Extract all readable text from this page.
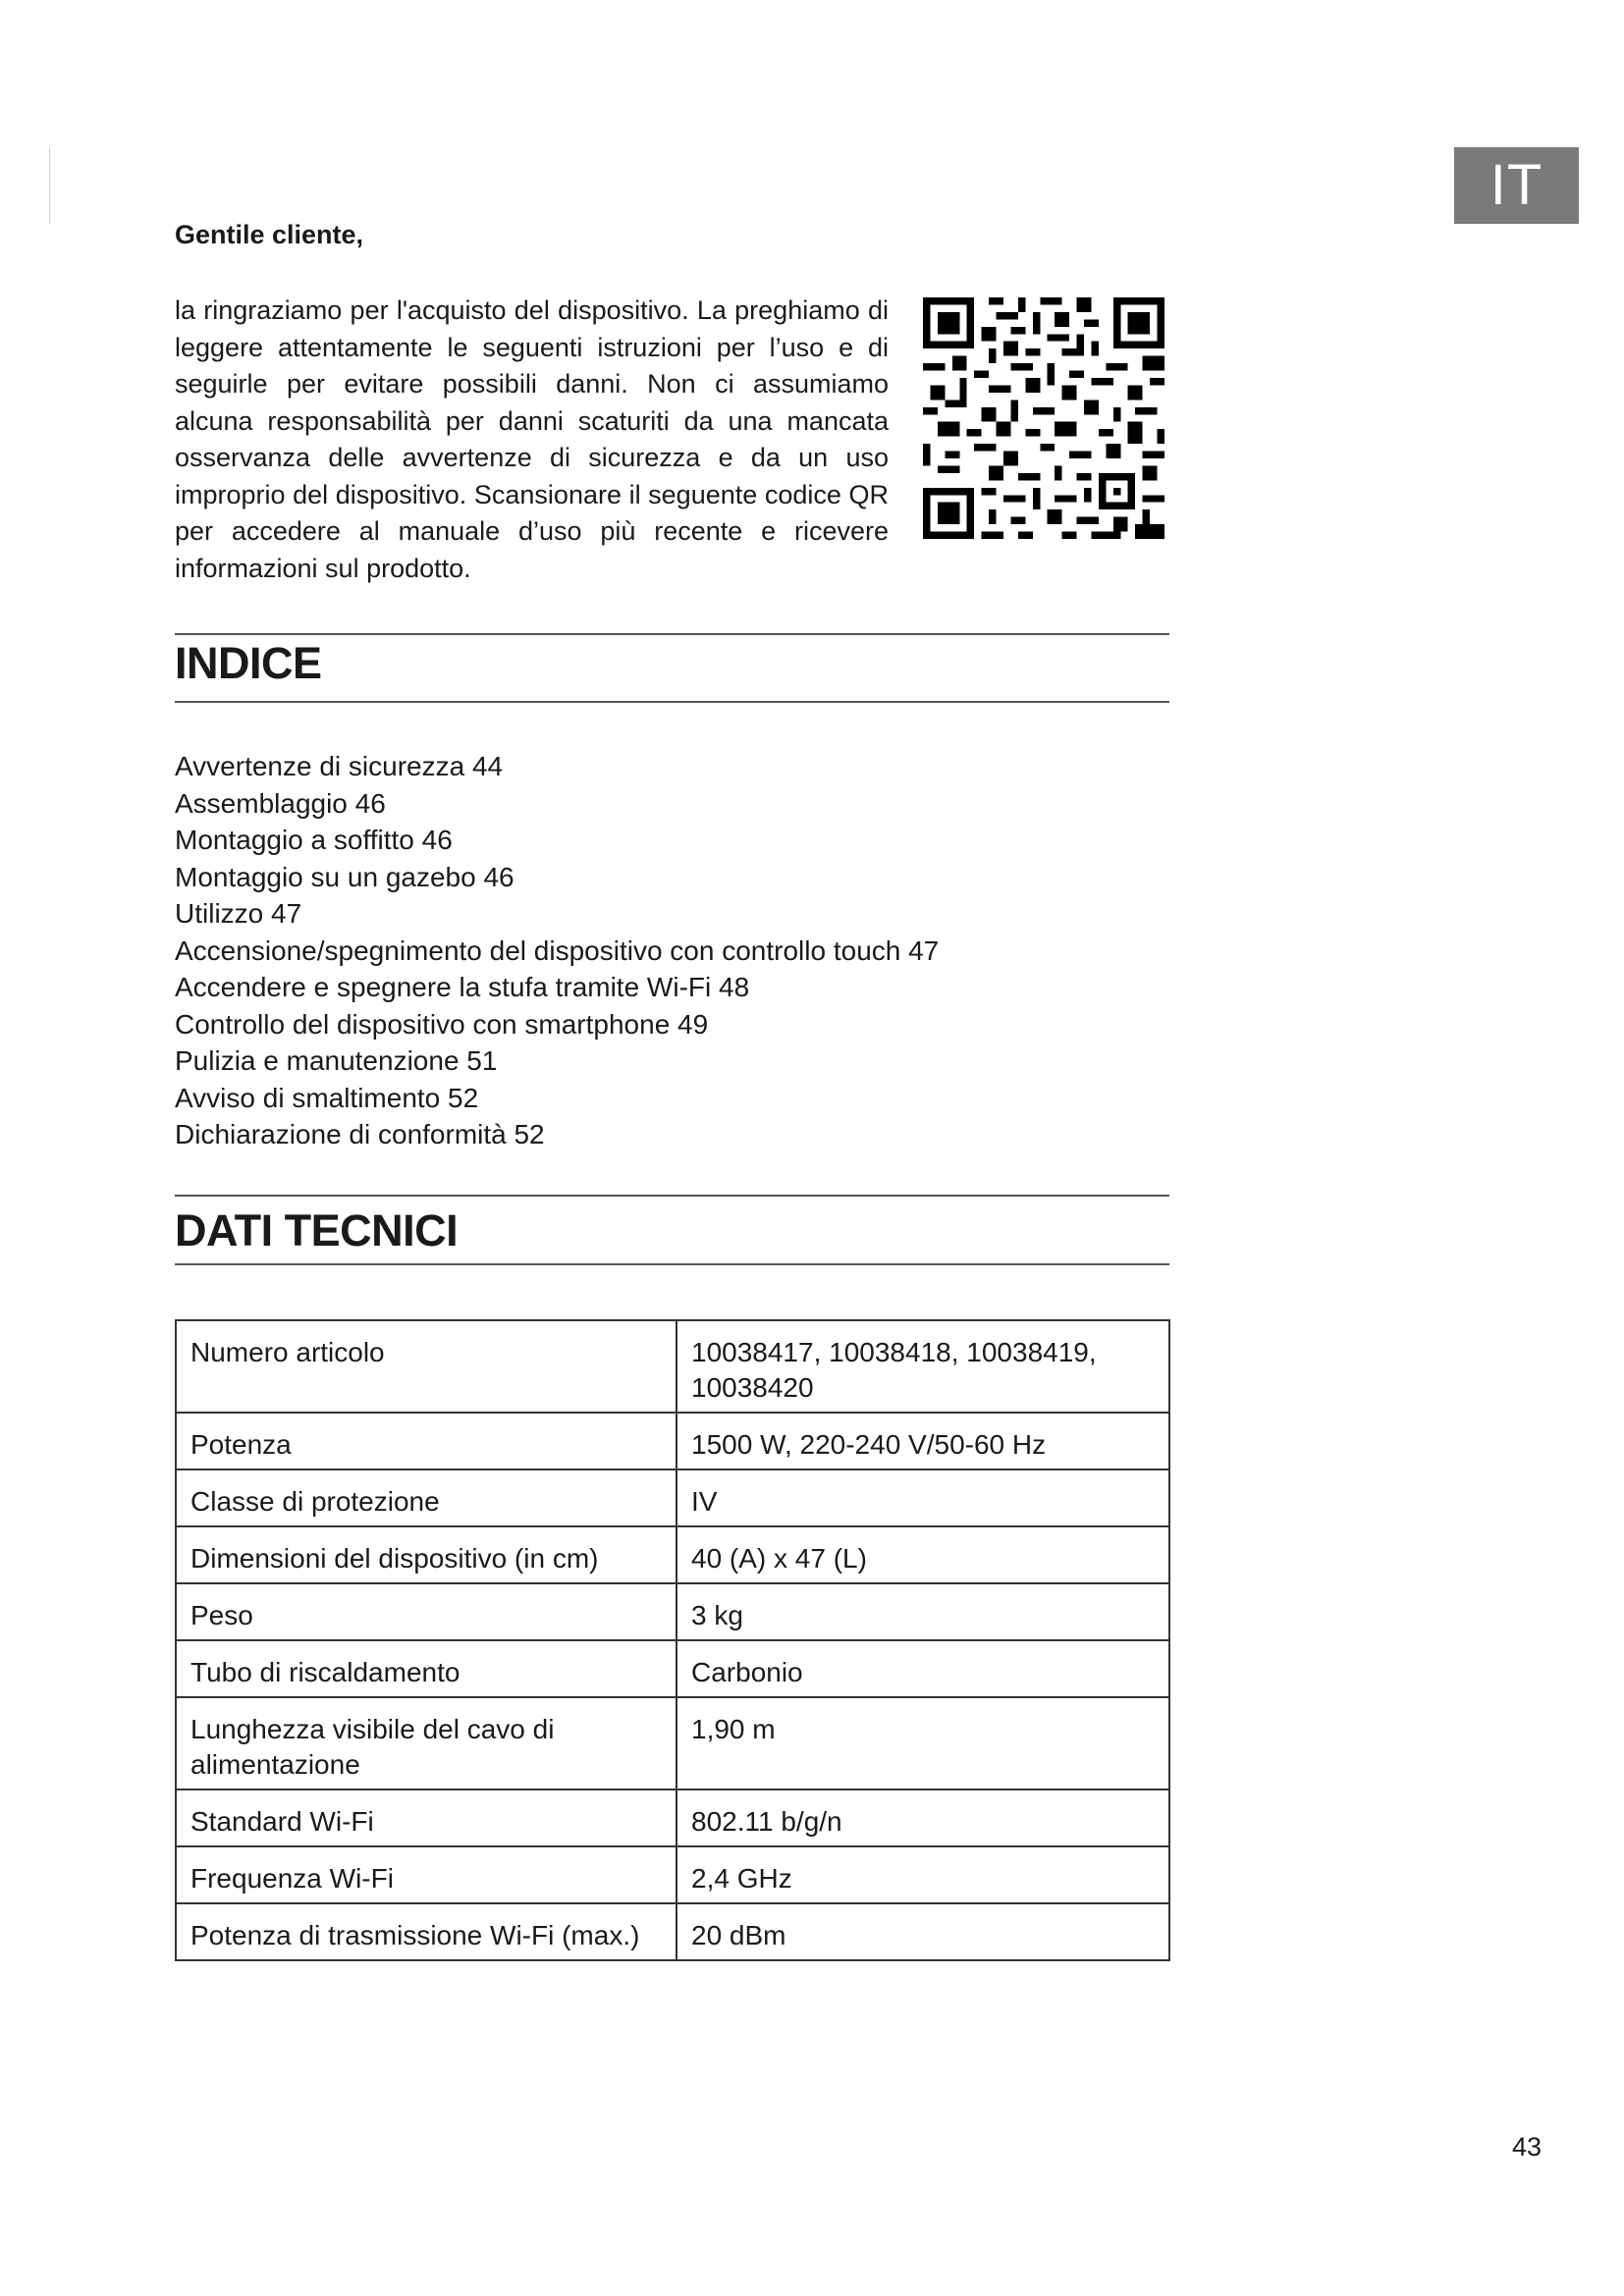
IT
Gentile cliente,

la ringraziamo per l'acquisto del dispositivo. La preghiamo di leggere attentamente le seguenti istruzioni per l’uso e di seguirle per evitare possibili danni. Non ci assumiamo alcuna responsabilità per danni scaturiti da una mancata osservanza delle avvertenze di sicurezza e da un uso improprio del dispositivo. Scansionare il seguente codice QR per accedere al manuale d’uso più recente e ricevere informazioni sul prodotto.

INDICE
Avvertenze di sicurezza 44
Assemblaggio 46
Montaggio a soffitto 46
Montaggio su un gazebo 46
Utilizzo 47
Accensione/spegnimento del dispositivo con controllo touch 47
Accendere e spegnere la stufa tramite Wi-Fi 48
Controllo del dispositivo con smartphone 49
Pulizia e manutenzione 51
Avviso di smaltimento 52
Dichiarazione di conformità 52
DATI TECNICI
Numero articolo	10038417, 10038418, 10038419, 10038420
Potenza	1500 W, 220-240 V/50-60 Hz
Classe di protezione	IV
Dimensioni del dispositivo (in cm)	40 (A) x 47 (L)
Peso	3 kg
Tubo di riscaldamento	Carbonio
Lunghezza visibile del cavo di alimentazione	1,90 m
Standard Wi-Fi	802.11 b/g/n
Frequenza Wi-Fi	2,4 GHz
Potenza di trasmissione Wi-Fi (max.)	20 dBm
43
